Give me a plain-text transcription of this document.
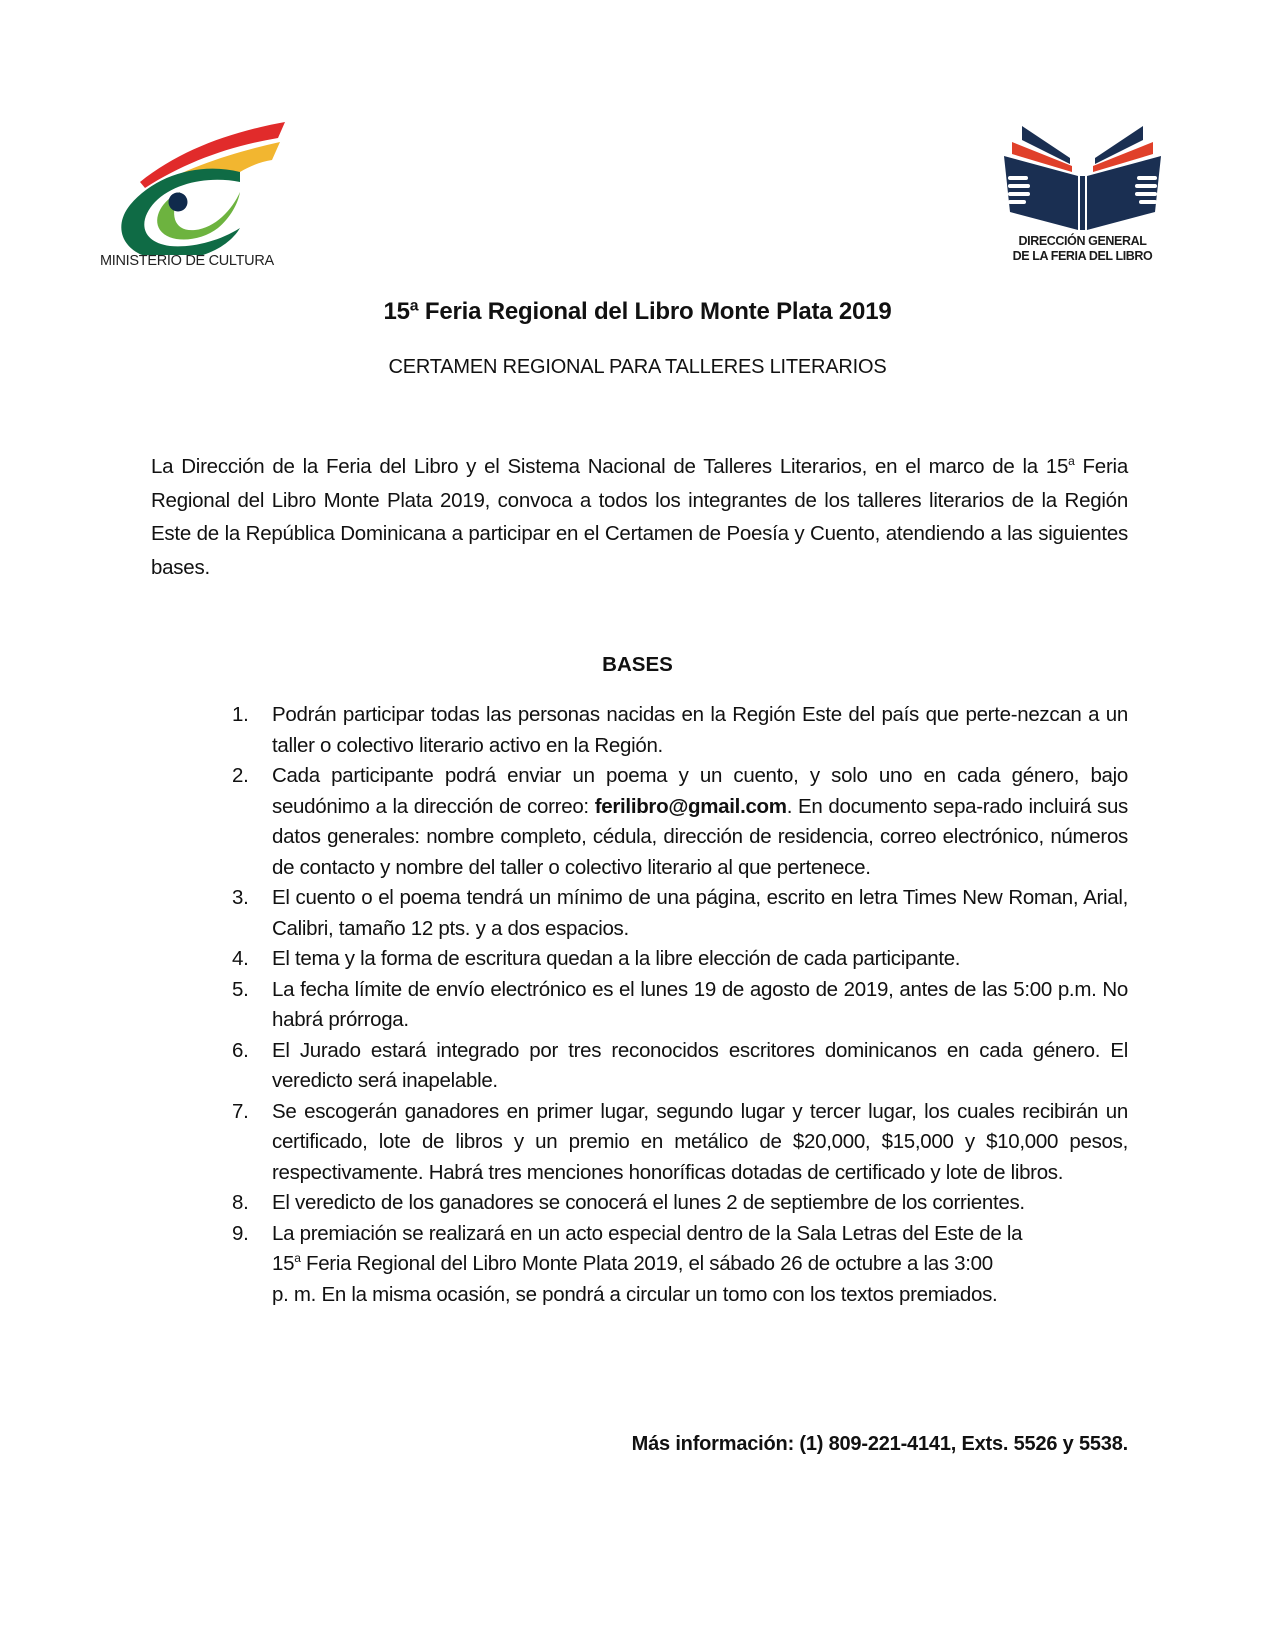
MINISTERIO DE CULTURA
DIRECCIÓN GENERAL
DE LA FERIA DEL LIBRO
15ª Feria Regional del Libro Monte Plata 2019
CERTAMEN REGIONAL PARA TALLERES LITERARIOS

La Dirección de la Feria del Libro y el Sistema Nacional de Talleres Literarios, en el marco de la 15$^a$ Feria Regional del Libro Monte Plata 2019, convoca a todos los integrantes de los talleres literarios de la Región Este de la República Dominicana a participar en el Certamen de Poesía y Cuento, atendiendo a las siguientes bases.

BASES
1. Podrán participar todas las personas nacidas en la Región Este del país que perte-nezcan a un taller o colectivo literario activo en la Región.
2. Cada participante podrá enviar un poema y un cuento, y solo uno en cada género, bajo seudónimo a la dirección de correo: ferilibro@gmail.com. En documento sepa-rado incluirá sus datos generales: nombre completo, cédula, dirección de residencia, correo electrónico, números de contacto y nombre del taller o colectivo literario al que pertenece.
3. El cuento o el poema tendrá un mínimo de una página, escrito en letra Times New Roman, Arial, Calibri, tamaño 12 pts. y a dos espacios.
4. El tema y la forma de escritura quedan a la libre elección de cada participante.
5. La fecha límite de envío electrónico es el lunes 19 de agosto de 2019, antes de las 5:00 p.m. No habrá prórroga.
6. El Jurado estará integrado por tres reconocidos escritores dominicanos en cada género. El veredicto será inapelable.
7. Se escogerán ganadores en primer lugar, segundo lugar y tercer lugar, los cuales recibirán un certificado, lote de libros y un premio en metálico de $20,000, $15,000 y $10,000 pesos, respectivamente. Habrá tres menciones honoríficas dotadas de certificado y lote de libros.
8. El veredicto de los ganadores se conocerá el lunes 2 de septiembre de los corrientes.
9. La premiación se realizará en un acto especial dentro de la Sala Letras del Este de la
15$^a$ Feria Regional del Libro Monte Plata 2019, el sábado 26 de octubre a las 3:00
p. m. En la misma ocasión, se pondrá a circular un tomo con los textos premiados.
Más información: (1) 809-221-4141, Exts. 5526 y 5538.
